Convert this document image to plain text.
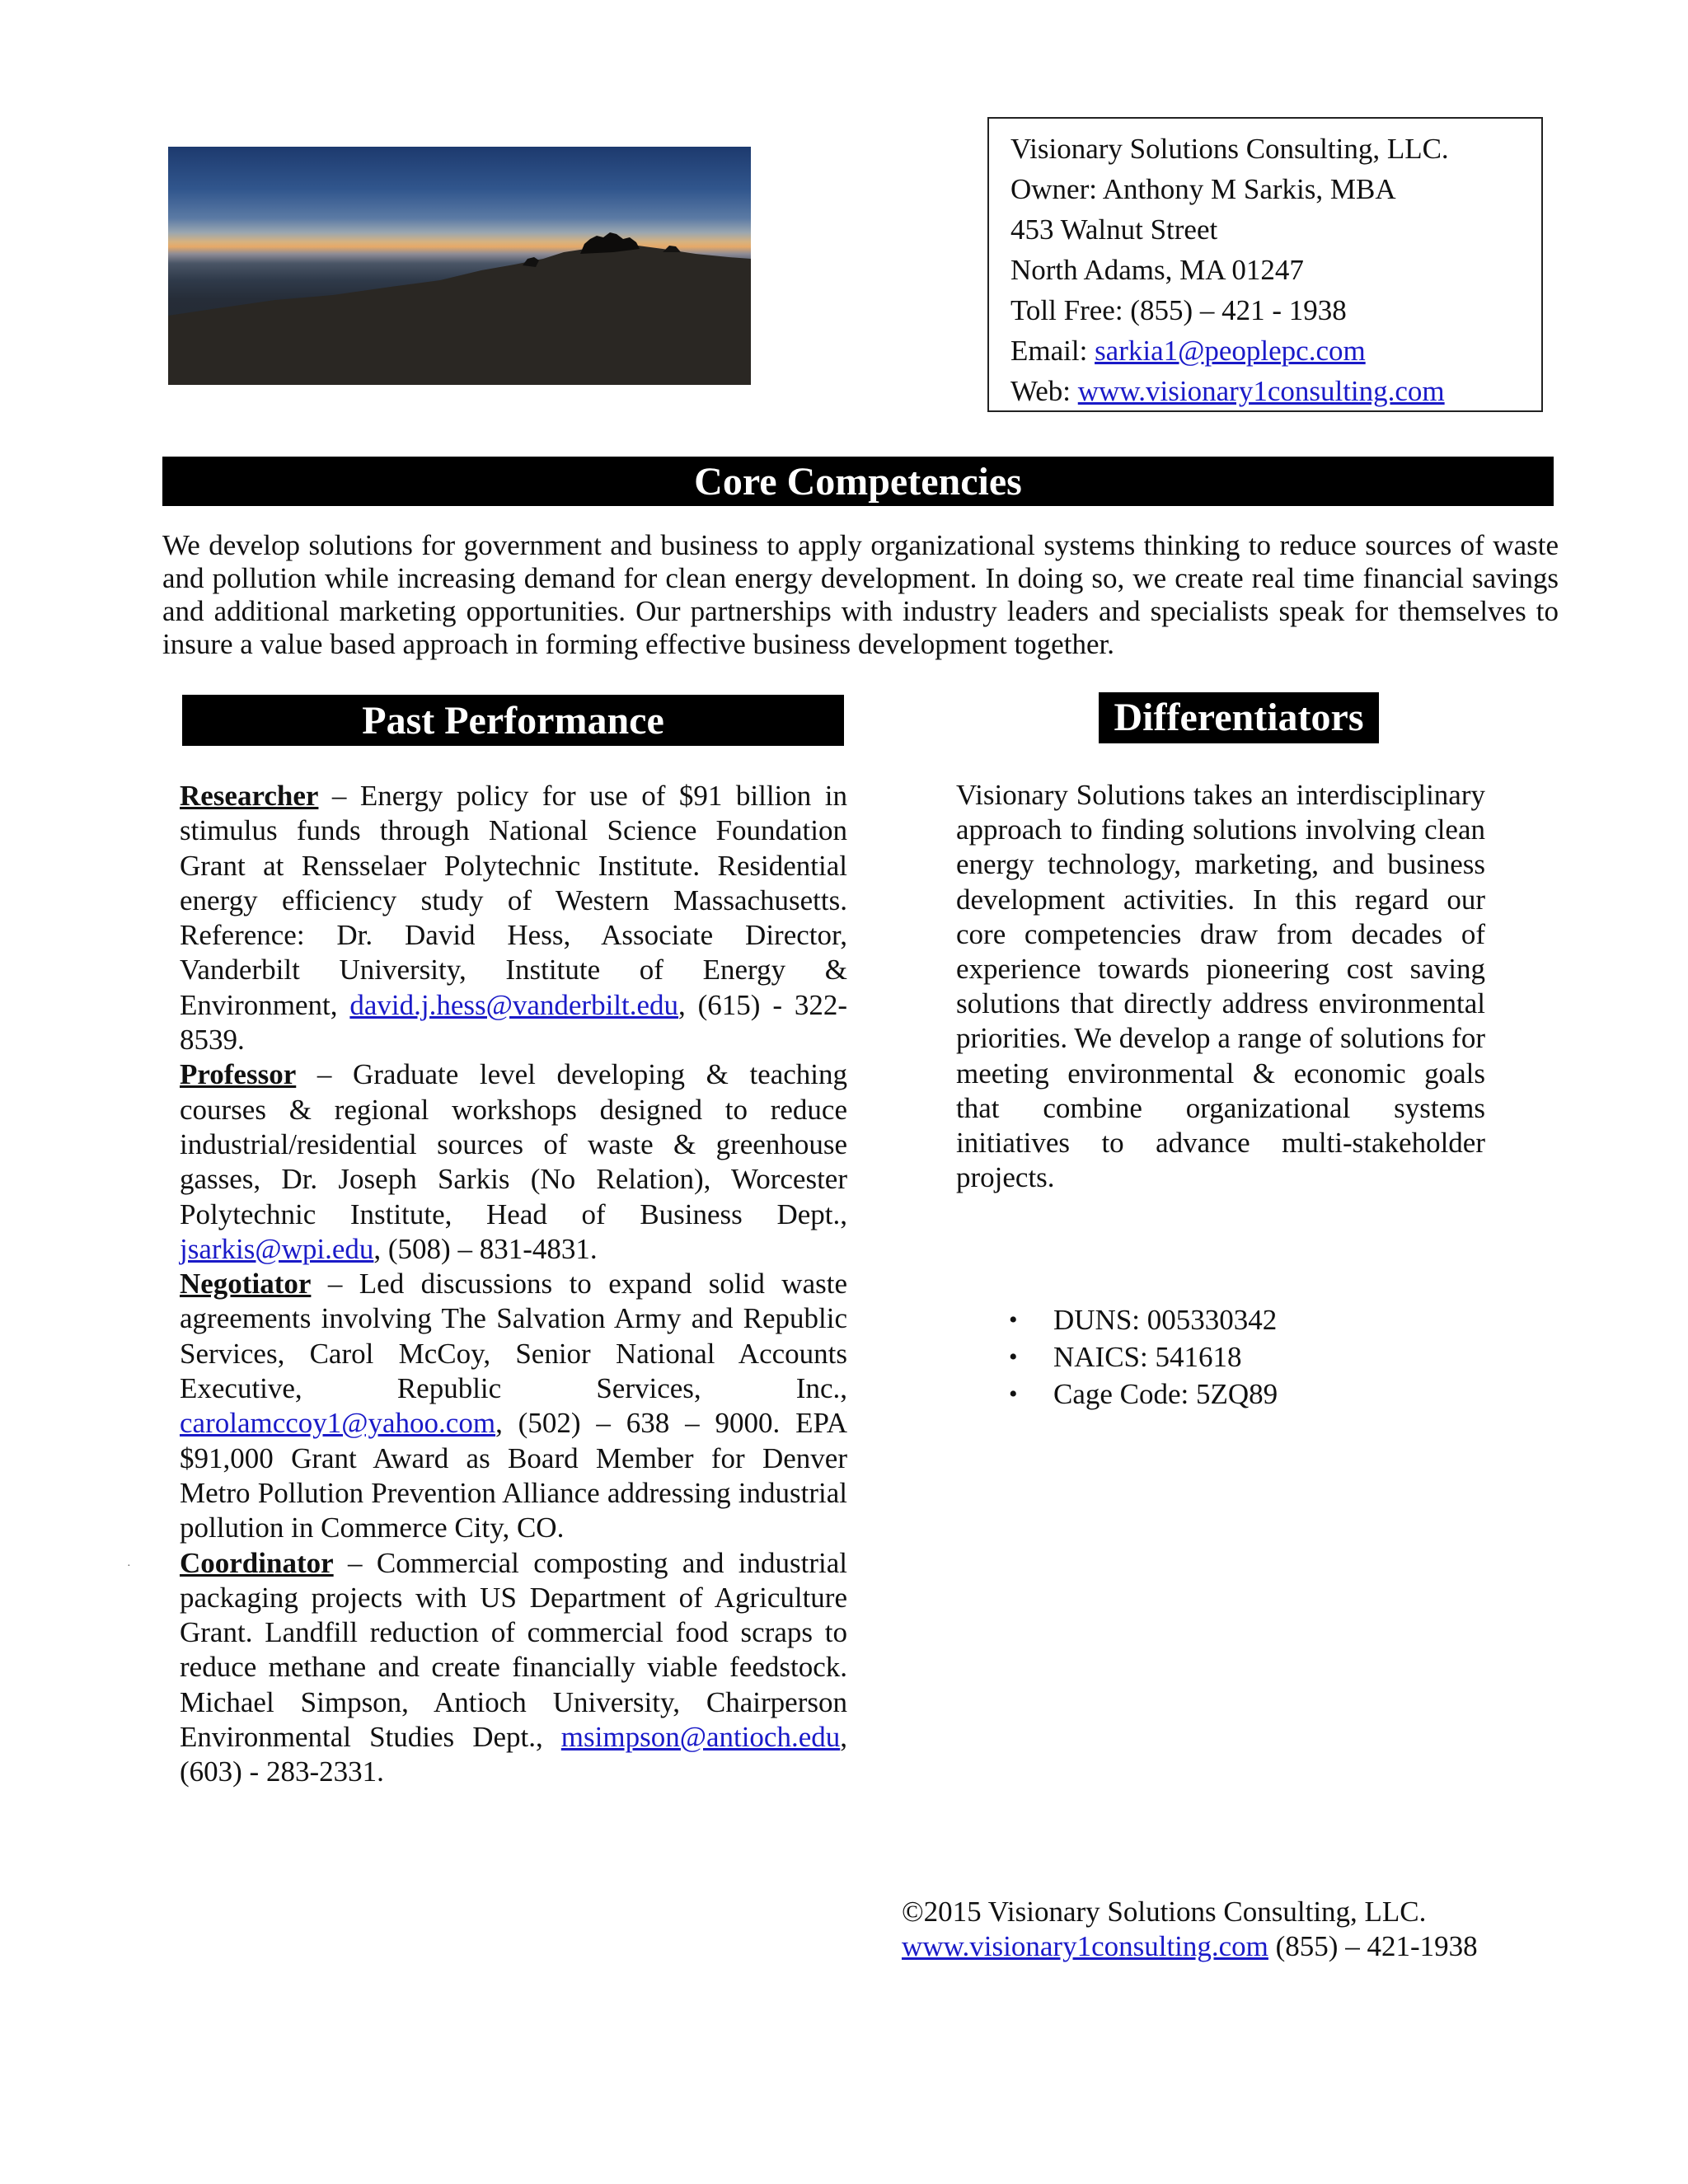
Visionary Solutions Consulting, LLC.
Owner: Anthony M Sarkis, MBA
453 Walnut Street
North Adams, MA 01247
Toll Free: (855) – 421 - 1938
Email: sarkia1@peoplepc.com
Web: www.visionary1consulting.com
Core Competencies
We develop solutions for government and business to apply organizational systems thinking to reduce sources of waste and pollution while increasing demand for clean energy development. In doing so, we create real time financial savings and additional marketing opportunities. Our partnerships with industry leaders and specialists speak for themselves to insure a value based approach in forming effective business development together.
Past Performance

Researcher – Energy policy for use of $91 billion in stimulus funds through National Science Foundation Grant at Rensselaer Polytechnic Institute. Residential energy efficiency study of Western Massachusetts. Reference: Dr. David Hess, Associate Director, Vanderbilt University, Institute of Energy & Environment, david.j.hess@vanderbilt.edu, (615) - 322-8539.

Professor – Graduate level developing & teaching courses & regional workshops designed to reduce industrial/residential sources of waste & greenhouse gasses, Dr. Joseph Sarkis (No Relation), Worcester Polytechnic Institute, Head of Business Dept., jsarkis@wpi.edu, (508) – 831-4831.

Negotiator – Led discussions to expand solid waste agreements involving The Salvation Army and Republic Services, Carol McCoy, Senior National Accounts Executive, Republic Services, Inc., carolamccoy1@yahoo.com, (502) – 638 – 9000. EPA $91,000 Grant Award as Board Member for Denver Metro Pollution Prevention Alliance addressing industrial pollution in Commerce City, CO.

Coordinator – Commercial composting and industrial packaging projects with US Department of Agriculture Grant. Landfill reduction of commercial food scraps to reduce methane and create financially viable feedstock. Michael Simpson, Antioch University, Chairperson Environmental Studies Dept., msimpson@antioch.edu, (603) - 283-2331.

Differentiators
Visionary Solutions takes an interdisciplinary approach to finding solutions involving clean energy technology, marketing, and business development activities. In this regard our core competencies draw from decades of experience towards pioneering cost saving solutions that directly address environmental priorities. We develop a range of solutions for meeting environmental & economic goals that combine organizational systems initiatives to advance multi-stakeholder projects.
• DUNS: 005330342
• NAICS: 541618
• Cage Code: 5ZQ89
©2015 Visionary Solutions Consulting, LLC.
www.visionary1consulting.com (855) – 421-1938
·
